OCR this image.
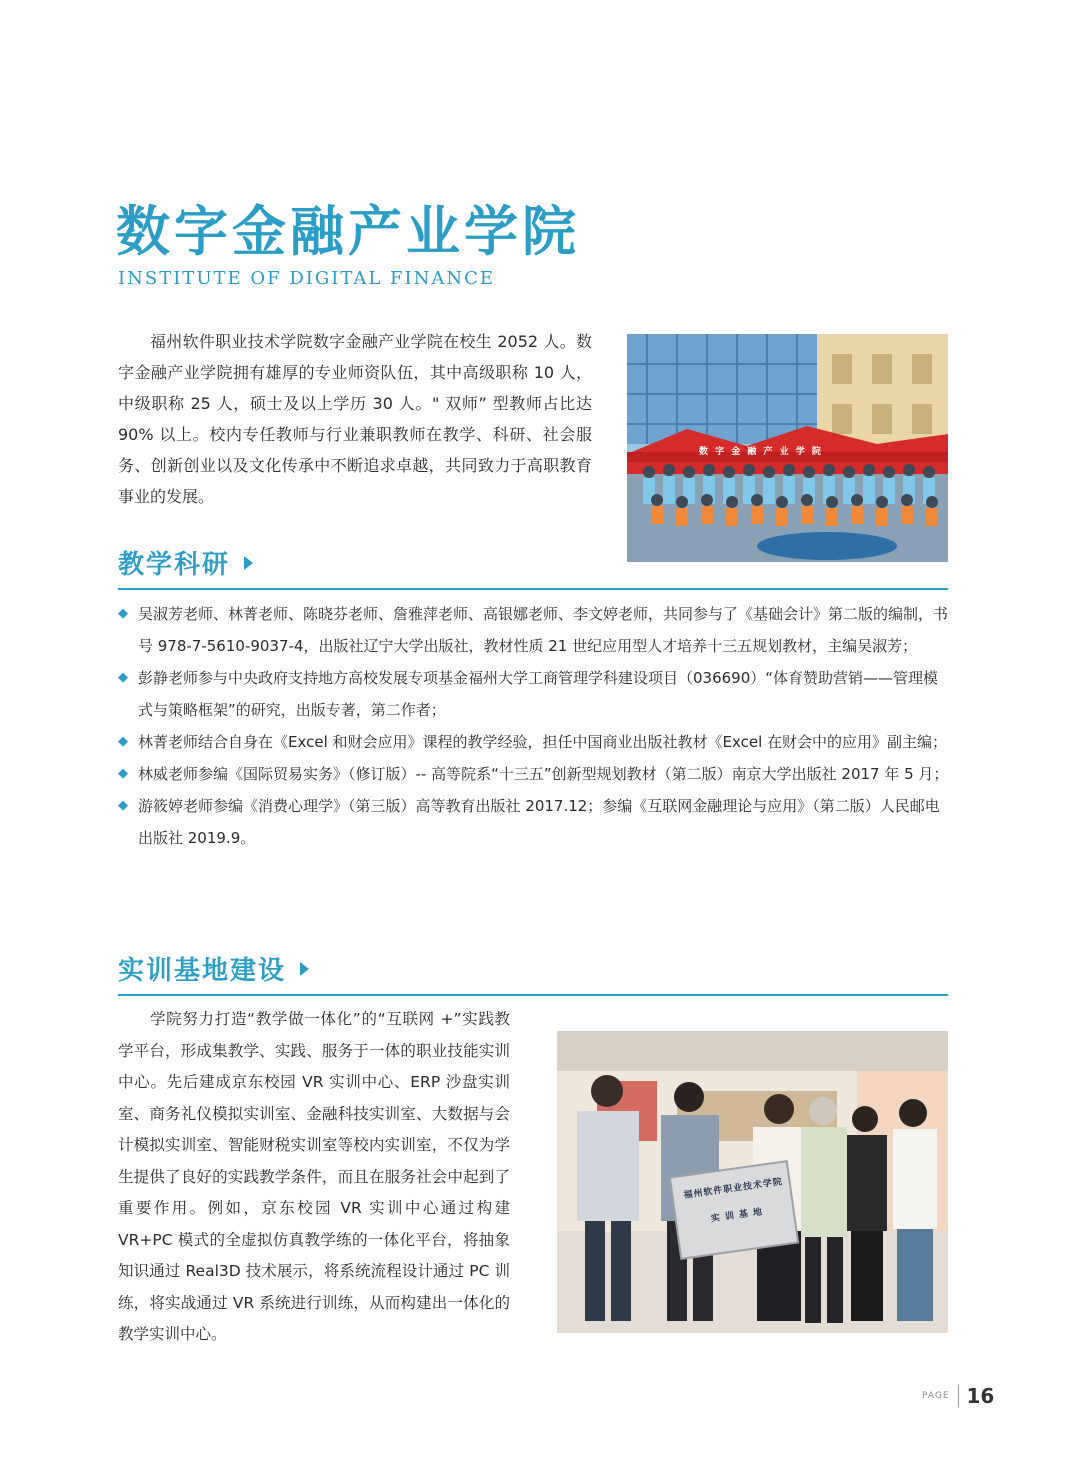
数字金融产业学院
INSTITUTE OF DIGITAL FINANCE

福州软件职业技术学院数字金融产业学院在校生 2052 人。数字金融产业学院拥有雄厚的专业师资队伍，其中高级职称 10 人，中级职称 25 人，硕士及以上学历 30 人。" 双师” 型教师占比达 90% 以上。校内专任教师与行业兼职教师在教学、科研、社会服务、创新创业以及文化传承中不断追求卓越，共同致力于高职教育事业的发展。

数 字 金 融 产 业 学 院
教学科研
◆ 吴淑芳老师、林菁老师、陈晓芬老师、詹雅萍老师、高银娜老师、李文婷老师，共同参与了《基础会计》第二版的编制，书号 978-7-5610-9037-4，出版社辽宁大学出版社，教材性质 21 世纪应用型人才培养十三五规划教材，主编吴淑芳；
◆ 彭静老师参与中央政府支持地方高校发展专项基金福州大学工商管理学科建设项目（036690）“体育赞助营销——管理模式与策略框架”的研究，出版专著，第二作者；
◆ 林菁老师结合自身在《Excel 和财会应用》课程的教学经验，担任中国商业出版社教材《Excel 在财会中的应用》副主编；
◆ 林威老师参编《国际贸易实务》（修订版）-- 高等院系“十三五”创新型规划教材（第二版）南京大学出版社 2017 年 5 月；
◆ 游筱婷老师参编《消费心理学》（第三版）高等教育出版社 2017.12；参编《互联网金融理论与应用》（第二版）人民邮电出版社 2019.9。
实训基地建设

学院努力打造“教学做一体化”的“互联网 +”实践教学平台，形成集教学、实践、服务于一体的职业技能实训中心。先后建成京东校园 VR 实训中心、ERP 沙盘实训室、商务礼仪模拟实训室、金融科技实训室、大数据与会计模拟实训室、智能财税实训室等校内实训室，不仅为学生提供了良好的实践教学条件，而且在服务社会中起到了重要作用。例如，京东校园 VR 实训中心通过构建 VR+PC 模式的全虚拟仿真教学练的一体化平台，将抽象知识通过 Real3D 技术展示，将系统流程设计通过 PC 训练，将实战通过 VR 系统进行训练，从而构建出一体化的教学实训中心。

福州软件职业技术学院
实 训 基 地
PAGE 16
